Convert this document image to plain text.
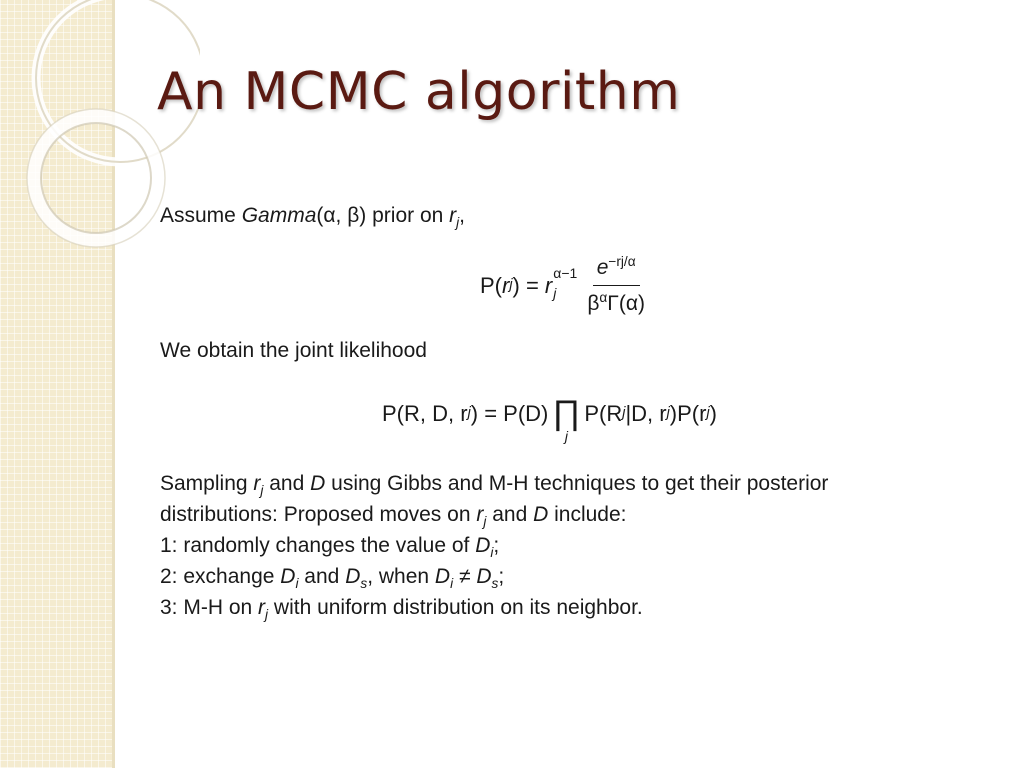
An MCMC algorithm
Assume Gamma(α, β) prior on $r_j$,
P( r j ) = r α−1
j	$\frac{e^{-rj/\alpha}}{\beta^\alpha\Gamma(\alpha)}$
We obtain the joint likelihood
P(R, D, r j ) = P(D) ∏
j
P(R j |D, r j ) P(r j )
Sampling $r_j$ and D using Gibbs and M-H techniques to get their posterior
distributions: Proposed moves on $r_j$ and D include:
1: randomly changes the value of $D_i$;
2: exchange $D_i$ and $D_s$, when $D_i \ne D_s$;
3: M-H on $r_j$ with uniform distribution on its neighbor.
